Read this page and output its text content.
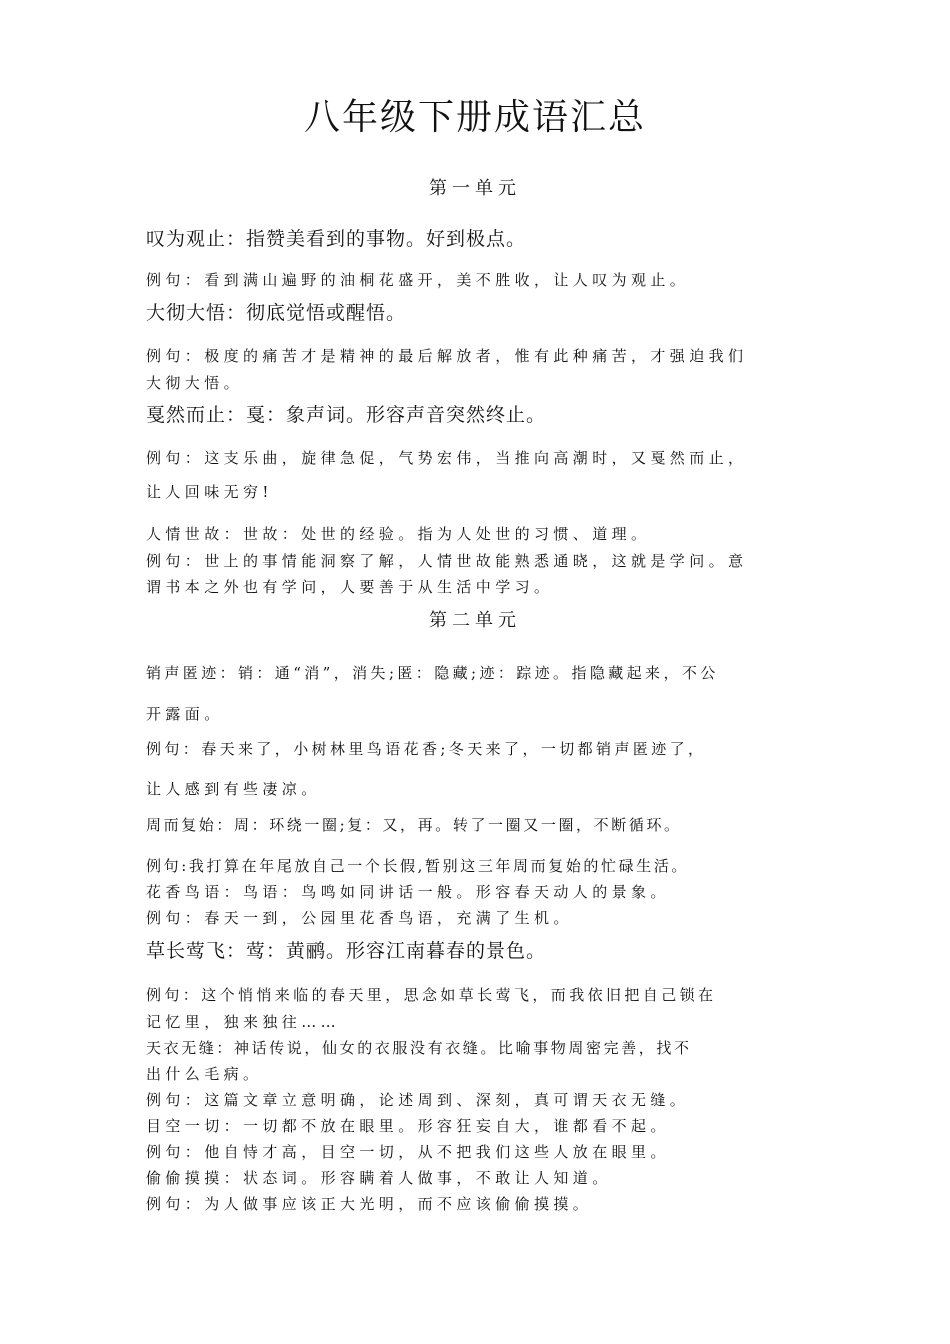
八年级下册成语汇总
第一单元
叹为观止：指赞美看到的事物。好到极点。
例句：看到满山遍野的油桐花盛开，美不胜收，让人叹为观止。
大彻大悟：彻底觉悟或醒悟。
例句：极度的痛苦才是精神的最后解放者，惟有此种痛苦，才强迫我们
大彻大悟。
戛然而止：戛：象声词。形容声音突然终止。
例句：这支乐曲，旋律急促，气势宏伟，当推向高潮时，又戛然而止，
让人回味无穷!
人情世故：世故：处世的经验。指为人处世的习惯、道理。
例句：世上的事情能洞察了解，人情世故能熟悉通晓，这就是学问。意
谓书本之外也有学问，人要善于从生活中学习。
第二单元
销声匿迹：销：通“消”，消失;匿：隐藏;迹：踪迹。指隐藏起来，不公
开露面。
例句：春天来了，小树林里鸟语花香;冬天来了，一切都销声匿迹了，
让人感到有些凄凉。
周而复始：周：环绕一圈;复：又，再。转了一圈又一圈，不断循环。
例句:我打算在年尾放自己一个长假,暂别这三年周而复始的忙碌生活。
花香鸟语：鸟语：鸟鸣如同讲话一般。形容春天动人的景象。
例句：春天一到，公园里花香鸟语，充满了生机。
草长莺飞：莺：黄鹂。形容江南暮春的景色。
例句：这个悄悄来临的春天里，思念如草长莺飞，而我依旧把自己锁在
记忆里，独来独往……
天衣无缝：神话传说，仙女的衣服没有衣缝。比喻事物周密完善，找不
出什么毛病。
例句：这篇文章立意明确，论述周到、深刻，真可谓天衣无缝。
目空一切：一切都不放在眼里。形容狂妄自大，谁都看不起。
例句：他自恃才高，目空一切，从不把我们这些人放在眼里。
偷偷摸摸：状态词。形容瞒着人做事，不敢让人知道。
例句：为人做事应该正大光明，而不应该偷偷摸摸。
